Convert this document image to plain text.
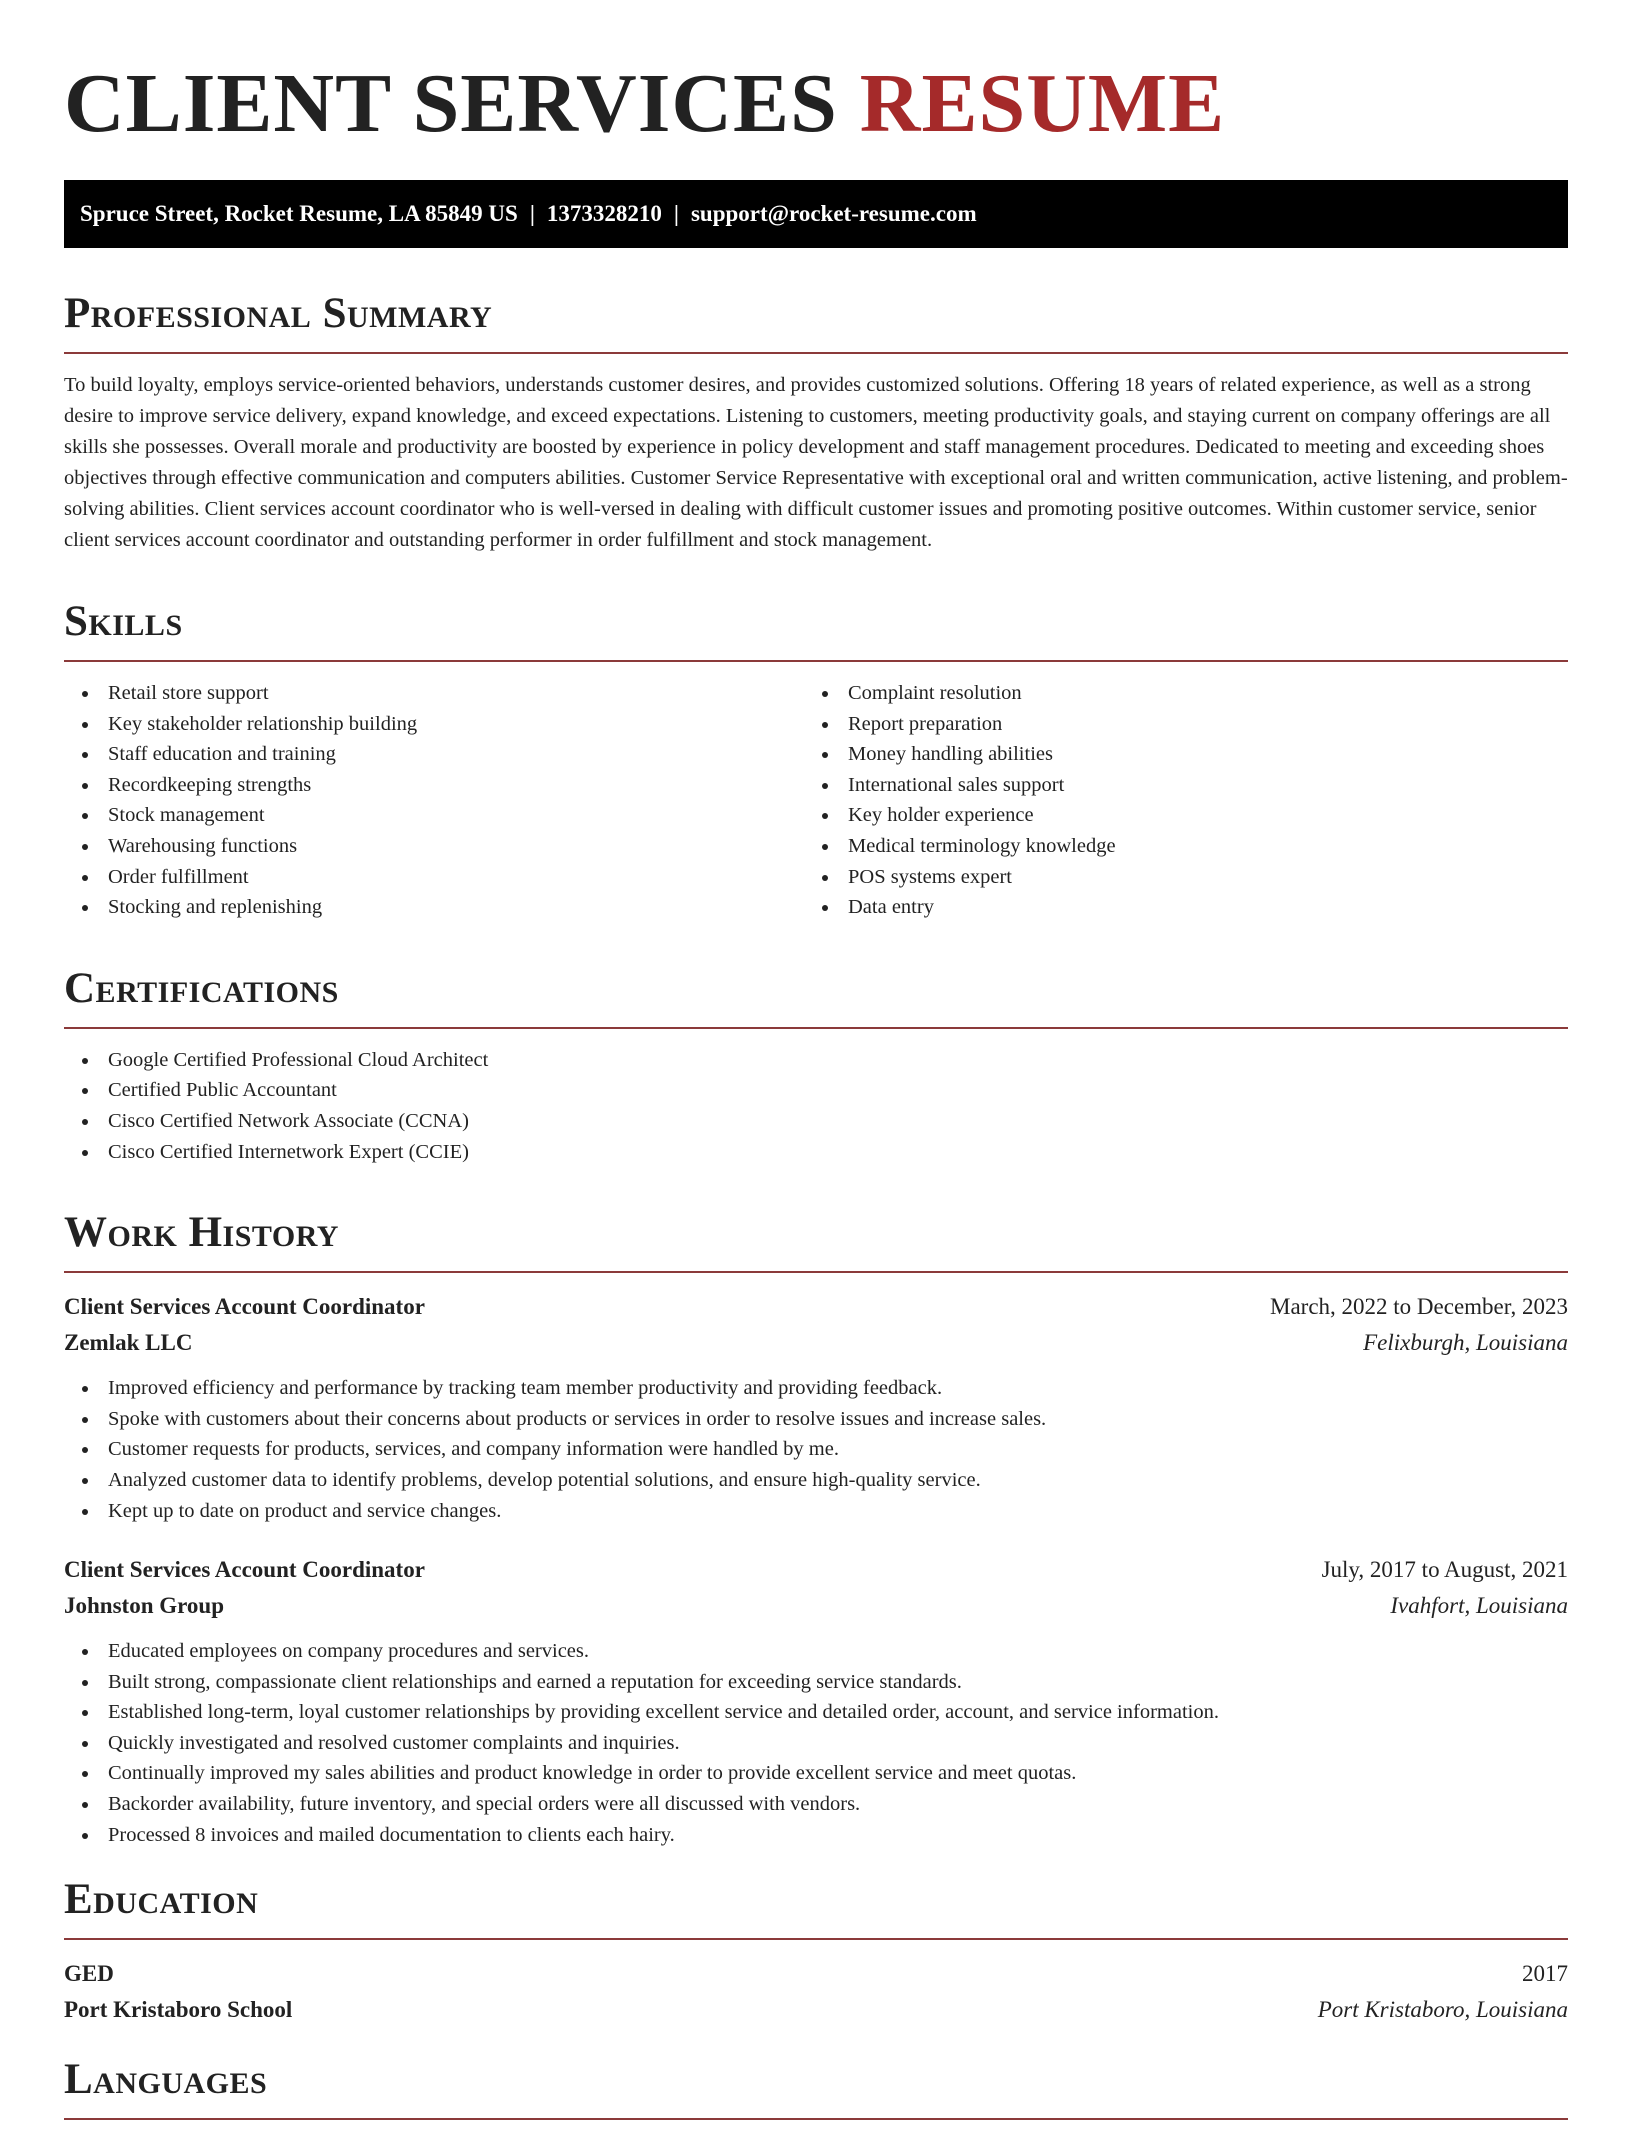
CLIENT SERVICES RESUME
Spruce Street, Rocket Resume, LA 85849 US | 1373328210 | support@rocket-resume.com
Professional Summary

To build loyalty, employs service-oriented behaviors, understands customer desires, and provides customized solutions. Offering 18 years of related experience, as well as a strong desire to improve service delivery, expand knowledge, and exceed expectations. Listening to customers, meeting productivity goals, and staying current on company offerings are all skills she possesses. Overall morale and productivity are boosted by experience in policy development and staff management procedures. Dedicated to meeting and exceeding shoes objectives through effective communication and computers abilities. Customer Service Representative with exceptional oral and written communication, active listening, and problem-solving abilities. Client services account coordinator who is well-versed in dealing with difficult customer issues and promoting positive outcomes. Within customer service, senior client services account coordinator and outstanding performer in order fulfillment and stock management.

Skills
Retail store support
Key stakeholder relationship building
Staff education and training
Recordkeeping strengths
Stock management
Warehousing functions
Order fulfillment
Stocking and replenishing
Complaint resolution
Report preparation
Money handling abilities
International sales support
Key holder experience
Medical terminology knowledge
POS systems expert
Data entry
Certifications
Google Certified Professional Cloud Architect
Certified Public Accountant
Cisco Certified Network Associate (CCNA)
Cisco Certified Internetwork Expert (CCIE)
Work History
Client Services Account Coordinator	March, 2022 to December, 2023
Zemlak LLC	Felixburgh, Louisiana
Improved efficiency and performance by tracking team member productivity and providing feedback.
Spoke with customers about their concerns about products or services in order to resolve issues and increase sales.
Customer requests for products, services, and company information were handled by me.
Analyzed customer data to identify problems, develop potential solutions, and ensure high-quality service.
Kept up to date on product and service changes.
Client Services Account Coordinator	July, 2017 to August, 2021
Johnston Group	Ivahfort, Louisiana
Educated employees on company procedures and services.
Built strong, compassionate client relationships and earned a reputation for exceeding service standards.
Established long-term, loyal customer relationships by providing excellent service and detailed order, account, and service information.
Quickly investigated and resolved customer complaints and inquiries.
Continually improved my sales abilities and product knowledge in order to provide excellent service and meet quotas.
Backorder availability, future inventory, and special orders were all discussed with vendors.
Processed 8 invoices and mailed documentation to clients each hairy.
Education
GED	2017
Port Kristaboro School	Port Kristaboro, Louisiana
Languages
